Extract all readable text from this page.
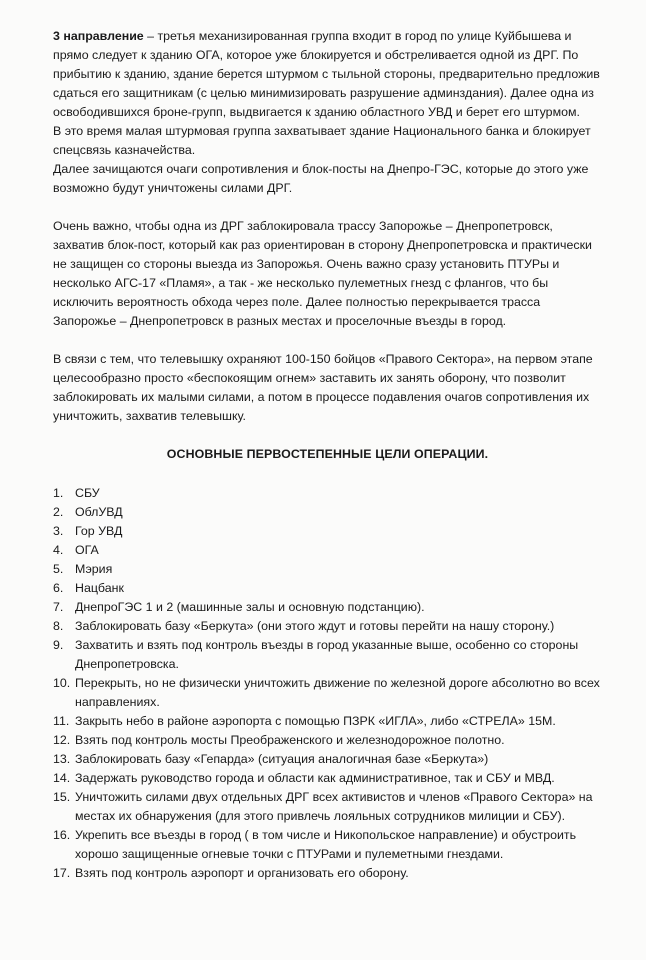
3 направление – третья механизированная группа входит в город по улице Куйбышева и прямо следует к зданию ОГА, которое уже блокируется и обстреливается одной из ДРГ. По прибытию к зданию, здание берется штурмом с тыльной стороны, предварительно предложив сдаться его защитникам (с целью минимизировать разрушение админздания). Далее одна из освободившихся броне-групп, выдвигается к зданию областного УВД и берет его штурмом.

В это время малая штурмовая группа захватывает здание Национального банка и блокирует спецсвязь казначейства.

Далее зачищаются очаги сопротивления и блок-посты на Днепро-ГЭС, которые до этого уже возможно будут уничтожены силами ДРГ.

Очень важно, чтобы одна из ДРГ заблокировала трассу Запорожье – Днепропетровск, захватив блок-пост, который как раз ориентирован в сторону Днепропетровска и практически не защищен со стороны выезда из Запорожья. Очень важно сразу установить ПТУРы и несколько АГС-17 «Пламя», а так - же несколько пулеметных гнезд с флангов, что бы исключить вероятность обхода через поле. Далее полностью перекрывается трасса Запорожье – Днепропетровск в разных местах и проселочные въезды в город.

В связи с тем, что телевышку охраняют 100-150 бойцов «Правого Сектора», на первом этапе целесообразно просто «беспокоящим огнем» заставить их занять оборону, что позволит заблокировать их малыми силами, а потом в процессе подавления очагов сопротивления их уничтожить, захватив телевышку.

ОСНОВНЫЕ ПЕРВОСТЕПЕННЫЕ ЦЕЛИ ОПЕРАЦИИ.

1. СБУ
2. ОблУВД
3. Гор УВД
4. ОГА
5. Мэрия
6. Нацбанк
7. ДнепроГЭС 1 и 2 (машинные залы и основную подстанцию).
8. Заблокировать базу «Беркута» (они этого ждут и готовы перейти на нашу сторону.)
9. Захватить и взять под контроль въезды в город указанные выше, особенно со стороны Днепропетровска.
10. Перекрыть, но не физически уничтожить движение по железной дороге абсолютно во всех направлениях.
11. Закрыть небо в районе аэропорта с помощью ПЗРК «ИГЛА», либо «СТРЕЛА» 15М.
12. Взять под контроль мосты Преображенского и железнодорожное полотно.
13. Заблокировать базу «Гепарда» (ситуация аналогичная базе «Беркута»)
14. Задержать руководство города и области как административное, так и СБУ и МВД.
15. Уничтожить силами двух отдельных ДРГ всех активистов и членов «Правого Сектора» на местах их обнаружения (для этого привлечь лояльных сотрудников милиции и СБУ).
16. Укрепить все въезды в город ( в том числе и Никопольское направление) и обустроить хорошо защищенные огневые точки с ПТУРами и пулеметными гнездами.
17. Взять под контроль аэропорт и организовать его оборону.
